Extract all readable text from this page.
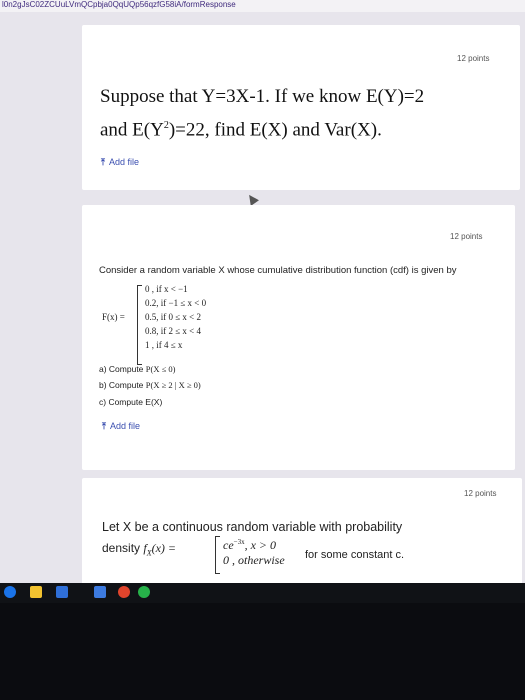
l0n2gJsC02ZCUuLVmQCpbja0QqUQp56qzfG58iA/formResponse
12 points
Suppose that Y=3X-1. If we know E(Y)=2
and $E(Y^2)=22$, find E(X) and Var(X).
⤒ Add file
12 points
Consider a random variable X whose cumulative distribution function (cdf) is given by
F(x) =
0 , if x < −1
0.2, if −1 ≤ x < 0
0.5, if 0 ≤ x < 2
0.8, if 2 ≤ x < 4
1 , if 4 ≤ x
a) Compute P(X ≤ 0)
b) Compute P(X ≥ 2 | X ≥ 0)
c) Compute E(X)
⤒ Add file
12 points
Let X be a continuous random variable with probability
density $f_X(x)$ =	$ce^{-3x}$, x > 0
0 , otherwise for some constant c.
